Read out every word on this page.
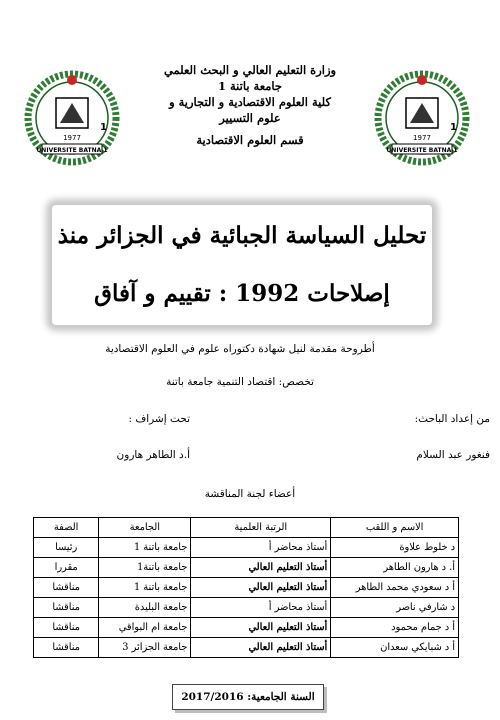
1977
UNIVERSITE BATNA 1
1
1977
UNIVERSITE BATNA 1
1
وزارة التعليم العالي و البحث العلمي
جامعة باتنة 1
كلية العلوم الاقتصادية و التجارية و
علوم التسيير
قسم العلوم الاقتصادية
تحليل السياسة الجبائية في الجزائر منذ
إصلاحات 1992 : تقييم و آفاق
أطروحة مقدمة لنيل شهادة دكتوراه علوم في العلوم الاقتصادية
تخصص: اقتصاد التنمية جامعة باتنة
من إعداد الباحث:
تحت إشراف :
فنغور عبد السلام
أ.د الطاهر هارون
أعضاء لجنة المناقشة
الاسم و اللقب	الرتبة العلمية	الجامعة	الصفة
د خلوط علاوة	أستاذ محاضر أ	جامعة باتنة 1	رئيسا
أ. د هارون الطاهر	أستاذ التعليم العالي	جامعة باتنة1	مقررا
أ د سعودي محمد الطاهر	أستاذ التعليم العالي	جامعة باتنة 1	مناقشا
د شارفي ناصر	أستاذ محاضر أ	جامعة البليدة	مناقشا
أ د جمام محمود	أستاذ التعليم العالي	جامعة ام البواقي	مناقشا
أ د شبايكي سعدان	أستاذ التعليم العالي	جامعة الجزائر 3	مناقشا
السنة الجامعية: 2017/2016
